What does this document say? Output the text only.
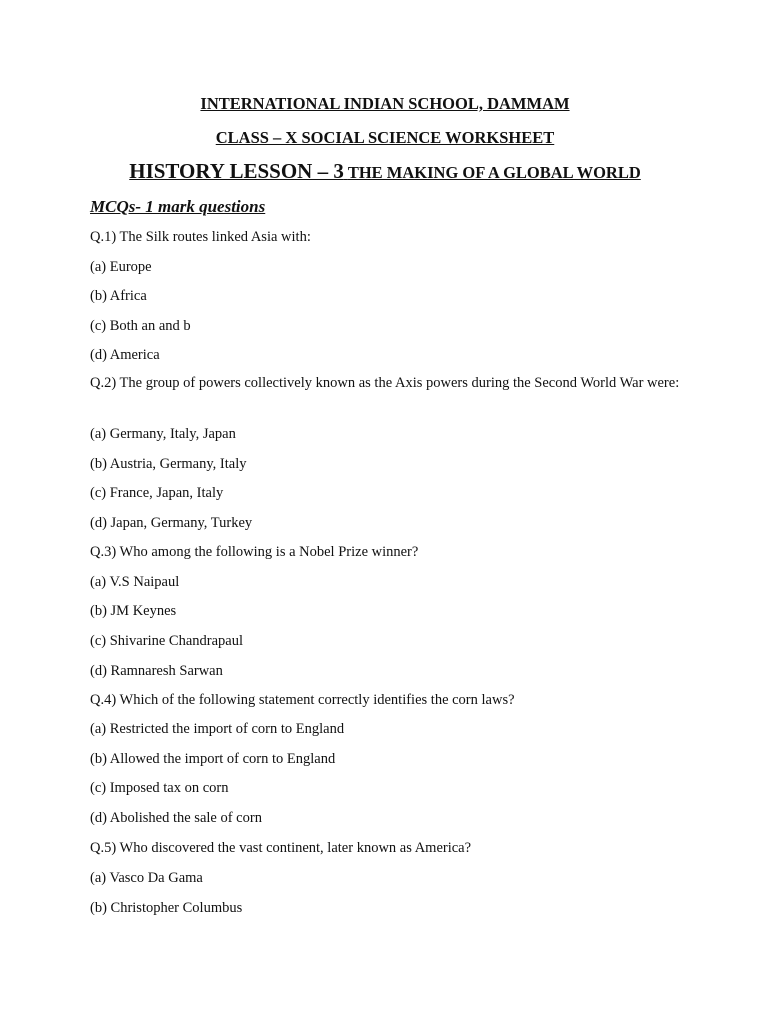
INTERNATIONAL INDIAN SCHOOL, DAMMAM
CLASS – X SOCIAL SCIENCE WORKSHEET
HISTORY LESSON – 3 THE MAKING OF A GLOBAL WORLD
MCQs- 1 mark questions
Q.1) The Silk routes linked Asia with:
(a) Europe
(b) Africa
(c) Both an and b
(d) America
Q.2) The group of powers collectively known as the Axis powers during the Second World War were:
(a) Germany, Italy, Japan
(b) Austria, Germany, Italy
(c) France, Japan, Italy
(d) Japan, Germany, Turkey
Q.3) Who among the following is a Nobel Prize winner?
(a) V.S Naipaul
(b) JM Keynes
(c) Shivarine Chandrapaul
(d) Ramnaresh Sarwan
Q.4) Which of the following statement correctly identifies the corn laws?
(a) Restricted the import of corn to England
(b) Allowed the import of corn to England
(c) Imposed tax on corn
(d) Abolished the sale of corn
Q.5) Who discovered the vast continent, later known as America?
(a) Vasco Da Gama
(b) Christopher Columbus
